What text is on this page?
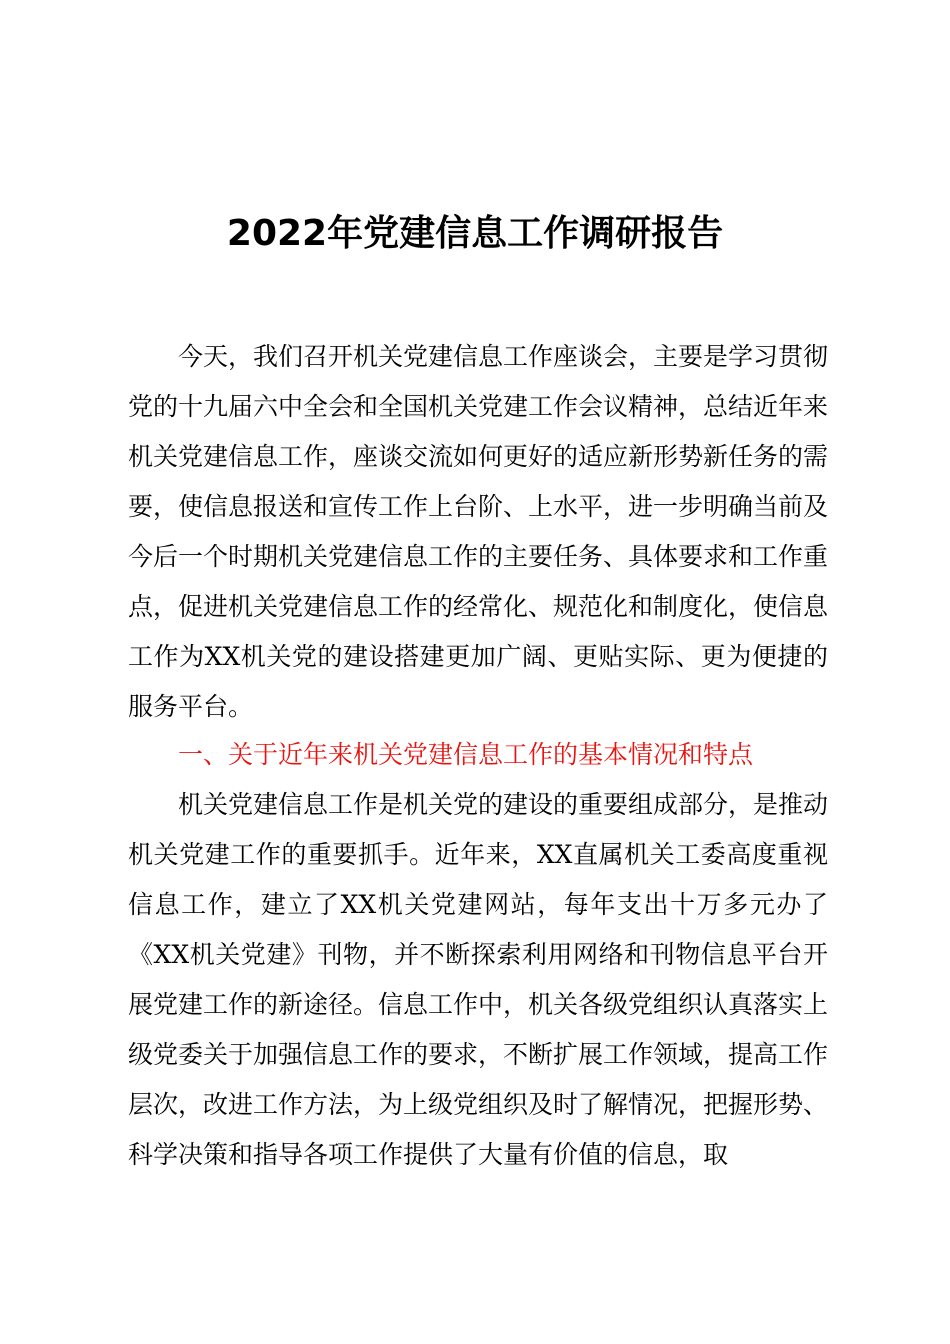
2022年党建信息工作调研报告

今天，我们召开机关党建信息工作座谈会，主要是学习贯彻党的十九届六中全会和全国机关党建工作会议精神，总结近年来机关党建信息工作，座谈交流如何更好的适应新形势新任务的需要，使信息报送和宣传工作上台阶、上水平，进一步明确当前及今后一个时期机关党建信息工作的主要任务、具体要求和工作重点，促进机关党建信息工作的经常化、规范化和制度化，使信息工作为XX机关党的建设搭建更加广阔、更贴实际、更为便捷的服务平台。

一、关于近年来机关党建信息工作的基本情况和特点

机关党建信息工作是机关党的建设的重要组成部分，是推动机关党建工作的重要抓手。近年来，XX直属机关工委高度重视信息工作，建立了XX机关党建网站，每年支出十万多元办了《XX机关党建》刊物，并不断探索利用网络和刊物信息平台开展党建工作的新途径。信息工作中，机关各级党组织认真落实上级党委关于加强信息工作的要求，不断扩展工作领域，提高工作层次，改进工作方法，为上级党组织及时了解情况，把握形势、科学决策和指导各项工作提供了大量有价值的信息，取
